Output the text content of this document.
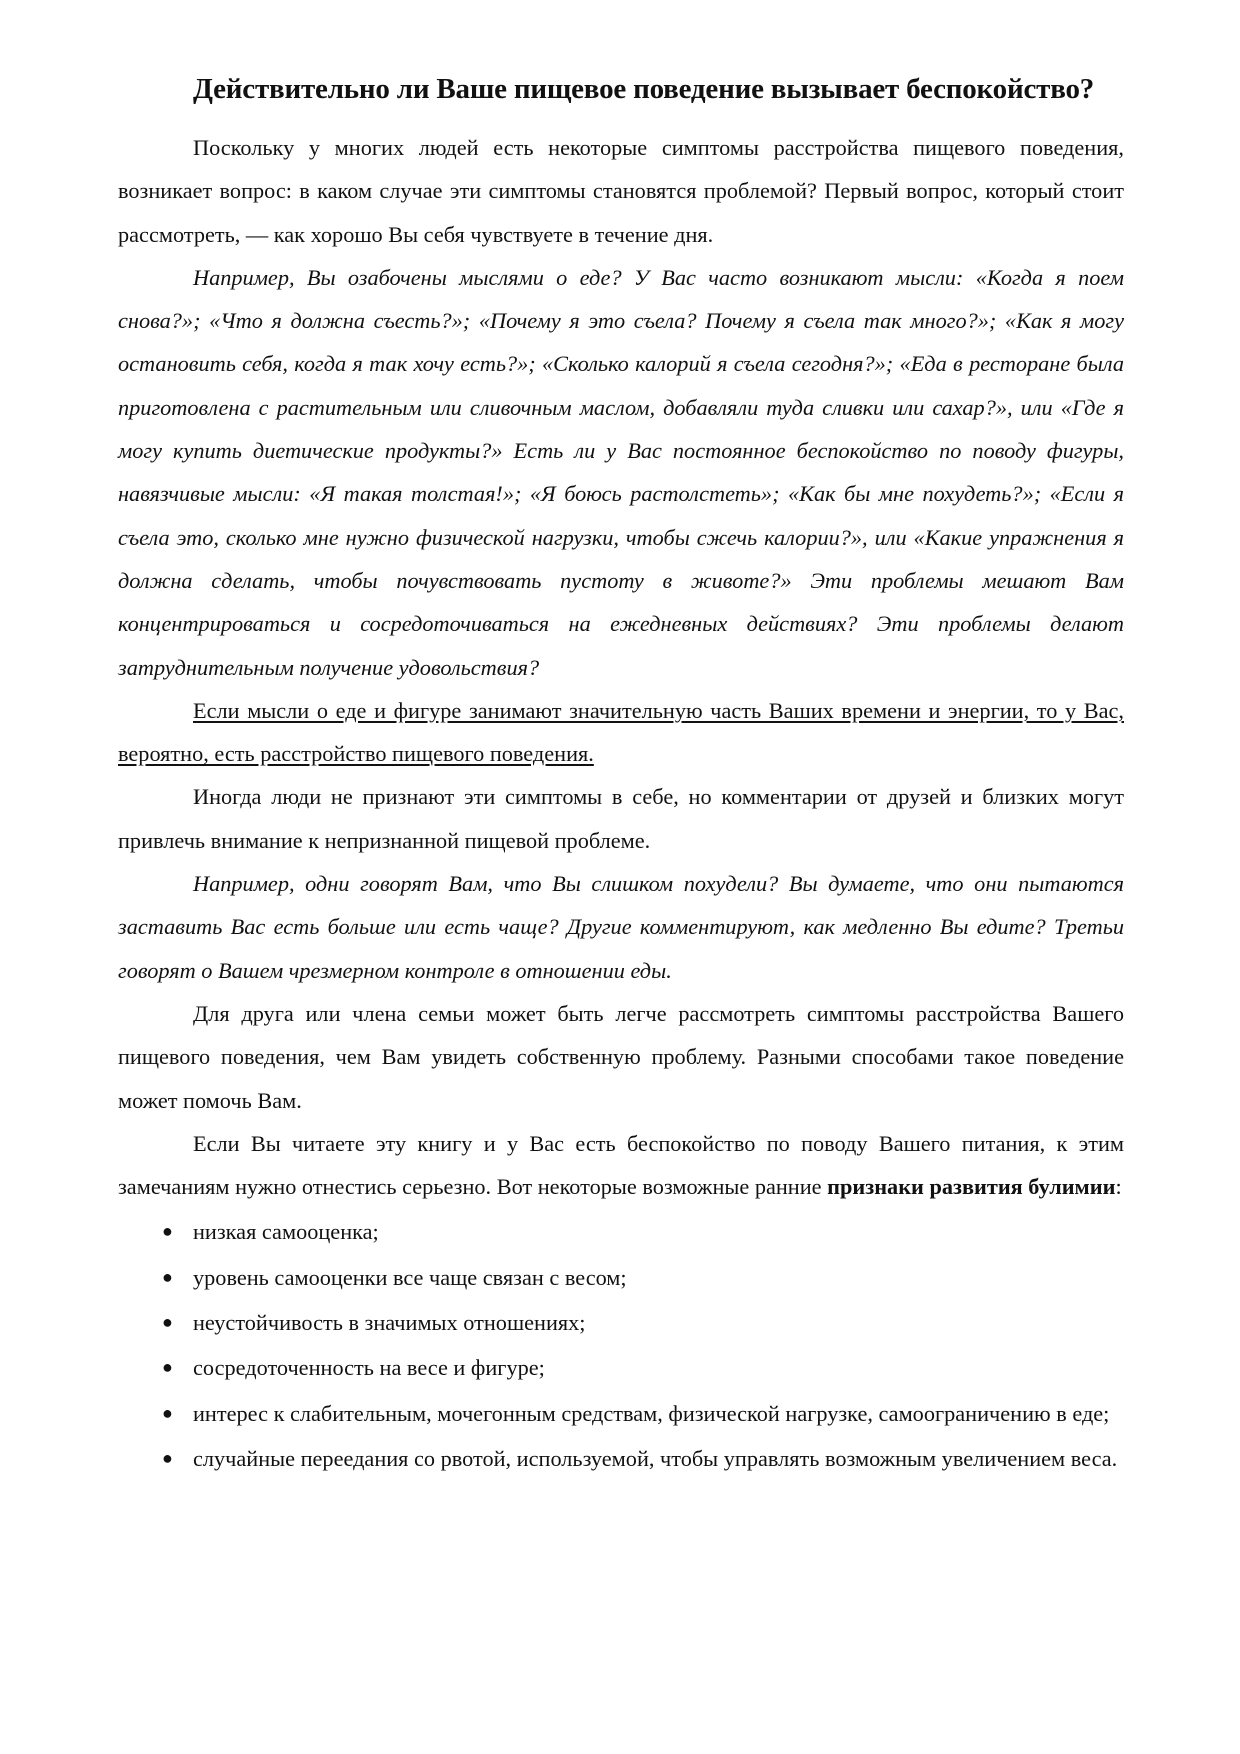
Действительно ли Ваше пищевое поведение вызывает беспокойство?

Поскольку у многих людей есть некоторые симптомы расстройства пищевого поведения, возникает вопрос: в каком случае эти симптомы становятся проблемой? Первый вопрос, который стоит рассмотреть, — как хорошо Вы себя чувствуете в течение дня.

Например, Вы озабочены мыслями о еде? У Вас часто возникают мысли: «Когда я поем снова?»; «Что я должна съесть?»; «Почему я это съела? Почему я съела так много?»; «Как я могу остановить себя, когда я так хочу есть?»; «Сколько калорий я съела сегодня?»; «Еда в ресторане была приготовлена с растительным или сливочным маслом, добавляли туда сливки или сахар?», или «Где я могу купить диетические продукты?» Есть ли у Вас постоянное беспокойство по поводу фигуры, навязчивые мысли: «Я такая толстая!»; «Я боюсь растолстеть»; «Как бы мне похудеть?»; «Если я съела это, сколько мне нужно физической нагрузки, чтобы сжечь калории?», или «Какие упражнения я должна сделать, чтобы почувствовать пустоту в животе?» Эти проблемы мешают Вам концентрироваться и сосредоточиваться на ежедневных действиях? Эти проблемы делают затруднительным получение удовольствия?

Если мысли о еде и фигуре занимают значительную часть Ваших времени и энергии, то у Вас, вероятно, есть расстройство пищевого поведения.

Иногда люди не признают эти симптомы в себе, но комментарии от друзей и близких могут привлечь внимание к непризнанной пищевой проблеме.

Например, одни говорят Вам, что Вы слишком похудели? Вы думаете, что они пытаются заставить Вас есть больше или есть чаще? Другие комментируют, как медленно Вы едите? Третьи говорят о Вашем чрезмерном контроле в отношении еды.

Для друга или члена семьи может быть легче рассмотреть симптомы расстройства Вашего пищевого поведения, чем Вам увидеть собственную проблему. Разными способами такое поведение может помочь Вам.

Если Вы читаете эту книгу и у Вас есть беспокойство по поводу Вашего питания, к этим замечаниям нужно отнестись серьезно. Вот некоторые возможные ранние признаки развития булимии:

● низкая самооценка;
● уровень самооценки все чаще связан с весом;
● неустойчивость в значимых отношениях;
● сосредоточенность на весе и фигуре;
● интерес к слабительным, мочегонным средствам, физической нагрузке, самоограничению в еде;
● случайные переедания со рвотой, используемой, чтобы управлять возможным увеличением веса.
